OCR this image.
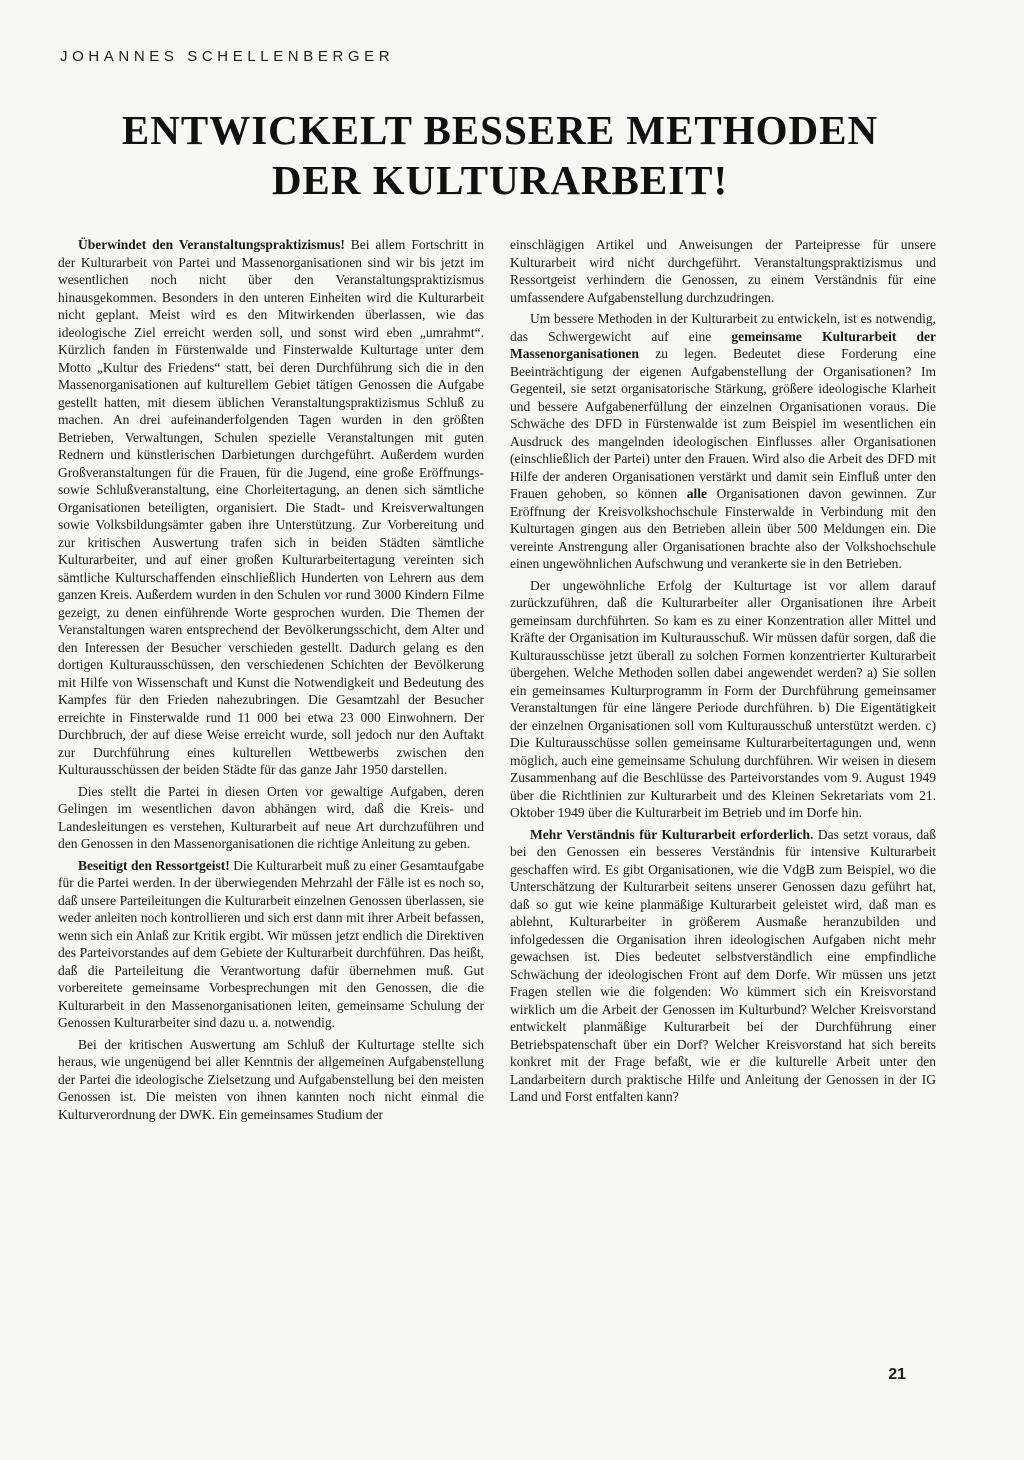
JOHANNES SCHELLENBERGER
ENTWICKELT BESSERE METHODEN
DER KULTURARBEIT!

Überwindet den Veranstaltungspraktizismus! Bei allem Fortschritt in der Kulturarbeit von Partei und Massenorganisationen sind wir bis jetzt im wesentlichen noch nicht über den Veranstaltungspraktizismus hinausgekommen. Besonders in den unteren Einheiten wird die Kulturarbeit nicht geplant. Meist wird es den Mitwirkenden überlassen, wie das ideologische Ziel erreicht werden soll, und sonst wird eben „umrahmt“. Kürzlich fanden in Fürstenwalde und Finsterwalde Kulturtage unter dem Motto „Kultur des Friedens“ statt, bei deren Durchführung sich die in den Massenorganisationen auf kulturellem Gebiet tätigen Genossen die Aufgabe gestellt hatten, mit diesem üblichen Veranstaltungspraktizismus Schluß zu machen. An drei aufeinanderfolgenden Tagen wurden in den größten Betrieben, Verwaltungen, Schulen spezielle Veranstaltungen mit guten Rednern und künstlerischen Darbietungen durchgeführt. Außerdem wurden Großveranstaltungen für die Frauen, für die Jugend, eine große Eröffnungs- sowie Schlußveranstaltung, eine Chorleitertagung, an denen sich sämtliche Organisationen beteiligten, organisiert. Die Stadt- und Kreisverwaltungen sowie Volksbildungsämter gaben ihre Unterstützung. Zur Vorbereitung und zur kritischen Auswertung trafen sich in beiden Städten sämtliche Kulturarbeiter, und auf einer großen Kulturarbeitertagung vereinten sich sämtliche Kulturschaffenden einschließlich Hunderten von Lehrern aus dem ganzen Kreis. Außerdem wurden in den Schulen vor rund 3000 Kindern Filme gezeigt, zu denen einführende Worte gesprochen wurden. Die Themen der Veranstaltungen waren entsprechend der Bevölkerungsschicht, dem Alter und den Interessen der Besucher verschieden gestellt. Dadurch gelang es den dortigen Kulturausschüssen, den verschiedenen Schichten der Bevölkerung mit Hilfe von Wissenschaft und Kunst die Notwendigkeit und Bedeutung des Kampfes für den Frieden nahezubringen. Die Gesamtzahl der Besucher erreichte in Finsterwalde rund 11 000 bei etwa 23 000 Einwohnern. Der Durchbruch, der auf diese Weise erreicht wurde, soll jedoch nur den Auftakt zur Durchführung eines kulturellen Wettbewerbs zwischen den Kulturausschüssen der beiden Städte für das ganze Jahr 1950 darstellen.

Dies stellt die Partei in diesen Orten vor gewaltige Aufgaben, deren Gelingen im wesentlichen davon abhängen wird, daß die Kreis- und Landesleitungen es verstehen, Kulturarbeit auf neue Art durchzuführen und den Genossen in den Massenorganisationen die richtige Anleitung zu geben.

Beseitigt den Ressortgeist! Die Kulturarbeit muß zu einer Gesamtaufgabe für die Partei werden. In der überwiegenden Mehrzahl der Fälle ist es noch so, daß unsere Parteileitungen die Kulturarbeit einzelnen Genossen überlassen, sie weder anleiten noch kontrollieren und sich erst dann mit ihrer Arbeit befassen, wenn sich ein Anlaß zur Kritik ergibt. Wir müssen jetzt endlich die Direktiven des Parteivorstandes auf dem Gebiete der Kulturarbeit durchführen. Das heißt, daß die Parteileitung die Verantwortung dafür übernehmen muß. Gut vorbereitete gemeinsame Vorbesprechungen mit den Genossen, die die Kulturarbeit in den Massenorganisationen leiten, gemeinsame Schulung der Genossen Kulturarbeiter sind dazu u. a. notwendig.

Bei der kritischen Auswertung am Schluß der Kulturtage stellte sich heraus, wie ungenügend bei aller Kenntnis der allgemeinen Aufgabenstellung der Partei die ideologische Zielsetzung und Aufgabenstellung bei den meisten Genossen ist. Die meisten von ihnen kannten noch nicht einmal die Kulturverordnung der DWK. Ein gemeinsames Studium der

einschlägigen Artikel und Anweisungen der Parteipresse für unsere Kulturarbeit wird nicht durchgeführt. Veranstaltungspraktizismus und Ressortgeist verhindern die Genossen, zu einem Verständnis für eine umfassendere Aufgabenstellung durchzudringen.

Um bessere Methoden in der Kulturarbeit zu entwickeln, ist es notwendig, das Schwergewicht auf eine gemeinsame Kulturarbeit der Massenorganisationen zu legen. Bedeutet diese Forderung eine Beeinträchtigung der eigenen Aufgabenstellung der Organisationen? Im Gegenteil, sie setzt organisatorische Stärkung, größere ideologische Klarheit und bessere Aufgabenerfüllung der einzelnen Organisationen voraus. Die Schwäche des DFD in Fürstenwalde ist zum Beispiel im wesentlichen ein Ausdruck des mangelnden ideologischen Einflusses aller Organisationen (einschließlich der Partei) unter den Frauen. Wird also die Arbeit des DFD mit Hilfe der anderen Organisationen verstärkt und damit sein Einfluß unter den Frauen gehoben, so können alle Organisationen davon gewinnen. Zur Eröffnung der Kreisvolkshochschule Finsterwalde in Verbindung mit den Kulturtagen gingen aus den Betrieben allein über 500 Meldungen ein. Die vereinte Anstrengung aller Organisationen brachte also der Volkshochschule einen ungewöhnlichen Aufschwung und verankerte sie in den Betrieben.

Der ungewöhnliche Erfolg der Kulturtage ist vor allem darauf zurückzuführen, daß die Kulturarbeiter aller Organisationen ihre Arbeit gemeinsam durchführten. So kam es zu einer Konzentration aller Mittel und Kräfte der Organisation im Kulturausschuß. Wir müssen dafür sorgen, daß die Kulturausschüsse jetzt überall zu solchen Formen konzentrierter Kulturarbeit übergehen. Welche Methoden sollen dabei angewendet werden? a) Sie sollen ein gemeinsames Kulturprogramm in Form der Durchführung gemeinsamer Veranstaltungen für eine längere Periode durchführen. b) Die Eigentätigkeit der einzelnen Organisationen soll vom Kulturausschuß unterstützt werden. c) Die Kulturausschüsse sollen gemeinsame Kulturarbeitertagungen und, wenn möglich, auch eine gemeinsame Schulung durchführen. Wir weisen in diesem Zusammenhang auf die Beschlüsse des Parteivorstandes vom 9. August 1949 über die Richtlinien zur Kulturarbeit und des Kleinen Sekretariats vom 21. Oktober 1949 über die Kulturarbeit im Betrieb und im Dorfe hin.

Mehr Verständnis für Kulturarbeit erforderlich. Das setzt voraus, daß bei den Genossen ein besseres Verständnis für intensive Kulturarbeit geschaffen wird. Es gibt Organisationen, wie die VdgB zum Beispiel, wo die Unterschätzung der Kulturarbeit seitens unserer Genossen dazu geführt hat, daß so gut wie keine planmäßige Kulturarbeit geleistet wird, daß man es ablehnt, Kulturarbeiter in größerem Ausmaße heranzubilden und infolgedessen die Organisation ihren ideologischen Aufgaben nicht mehr gewachsen ist. Dies bedeutet selbstverständlich eine empfindliche Schwächung der ideologischen Front auf dem Dorfe. Wir müssen uns jetzt Fragen stellen wie die folgenden: Wo kümmert sich ein Kreisvorstand wirklich um die Arbeit der Genossen im Kulturbund? Welcher Kreisvorstand entwickelt planmäßige Kulturarbeit bei der Durchführung einer Betriebspatenschaft über ein Dorf? Welcher Kreisvorstand hat sich bereits konkret mit der Frage befaßt, wie er die kulturelle Arbeit unter den Landarbeitern durch praktische Hilfe und Anleitung der Genossen in der IG Land und Forst entfalten kann?

21
